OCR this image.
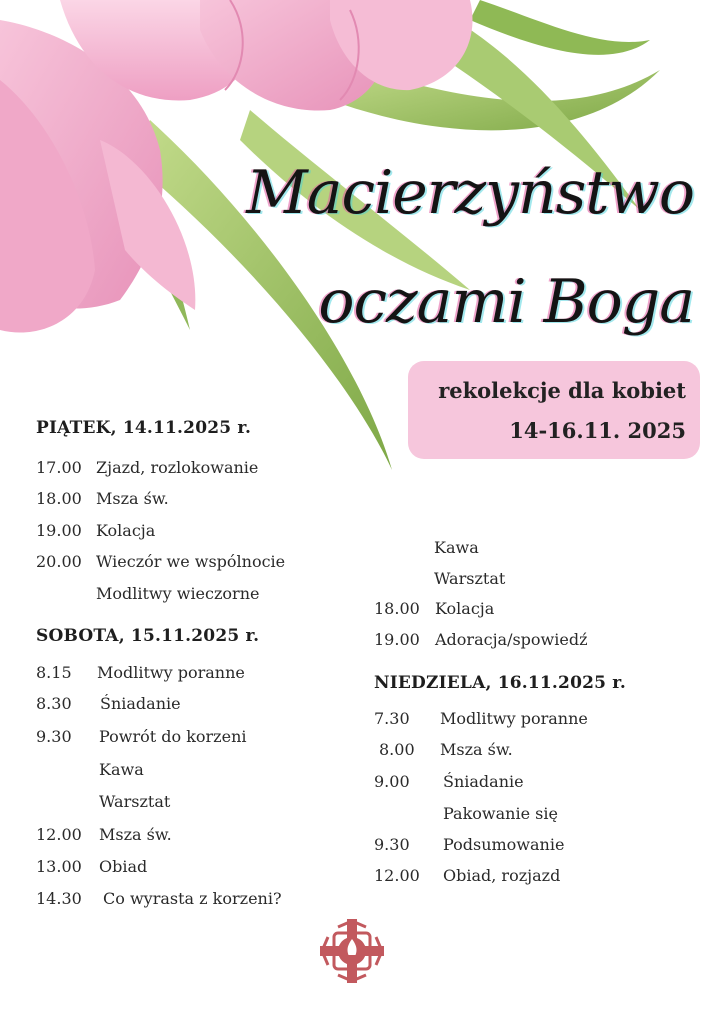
Macierzyństwo
oczami Boga
rekolekcje dla kobiet
14-16.11. 2025
PIĄTEK, 14.11.2025 r.
17.00 Zjazd, rozlokowanie
18.00 Msza św.
19.00 Kolacja
20.00 Wieczór we wspólnocie
Modlitwy wieczorne
SOBOTA, 15.11.2025 r.
8.15 Modlitwy poranne
8.30 Śniadanie
9.30 Powrót do korzeni
Kawa
Warsztat
12.00 Msza św.
13.00 Obiad
14.30 Co wyrasta z korzeni?
Kawa
Warsztat
18.00 Kolacja
19.00 Adoracja/spowiedź
NIEDZIELA, 16.11.2025 r.
7.30 Modlitwy poranne
8.00 Msza św.
9.00 Śniadanie
Pakowanie się
9.30 Podsumowanie
12.00 Obiad, rozjazd
